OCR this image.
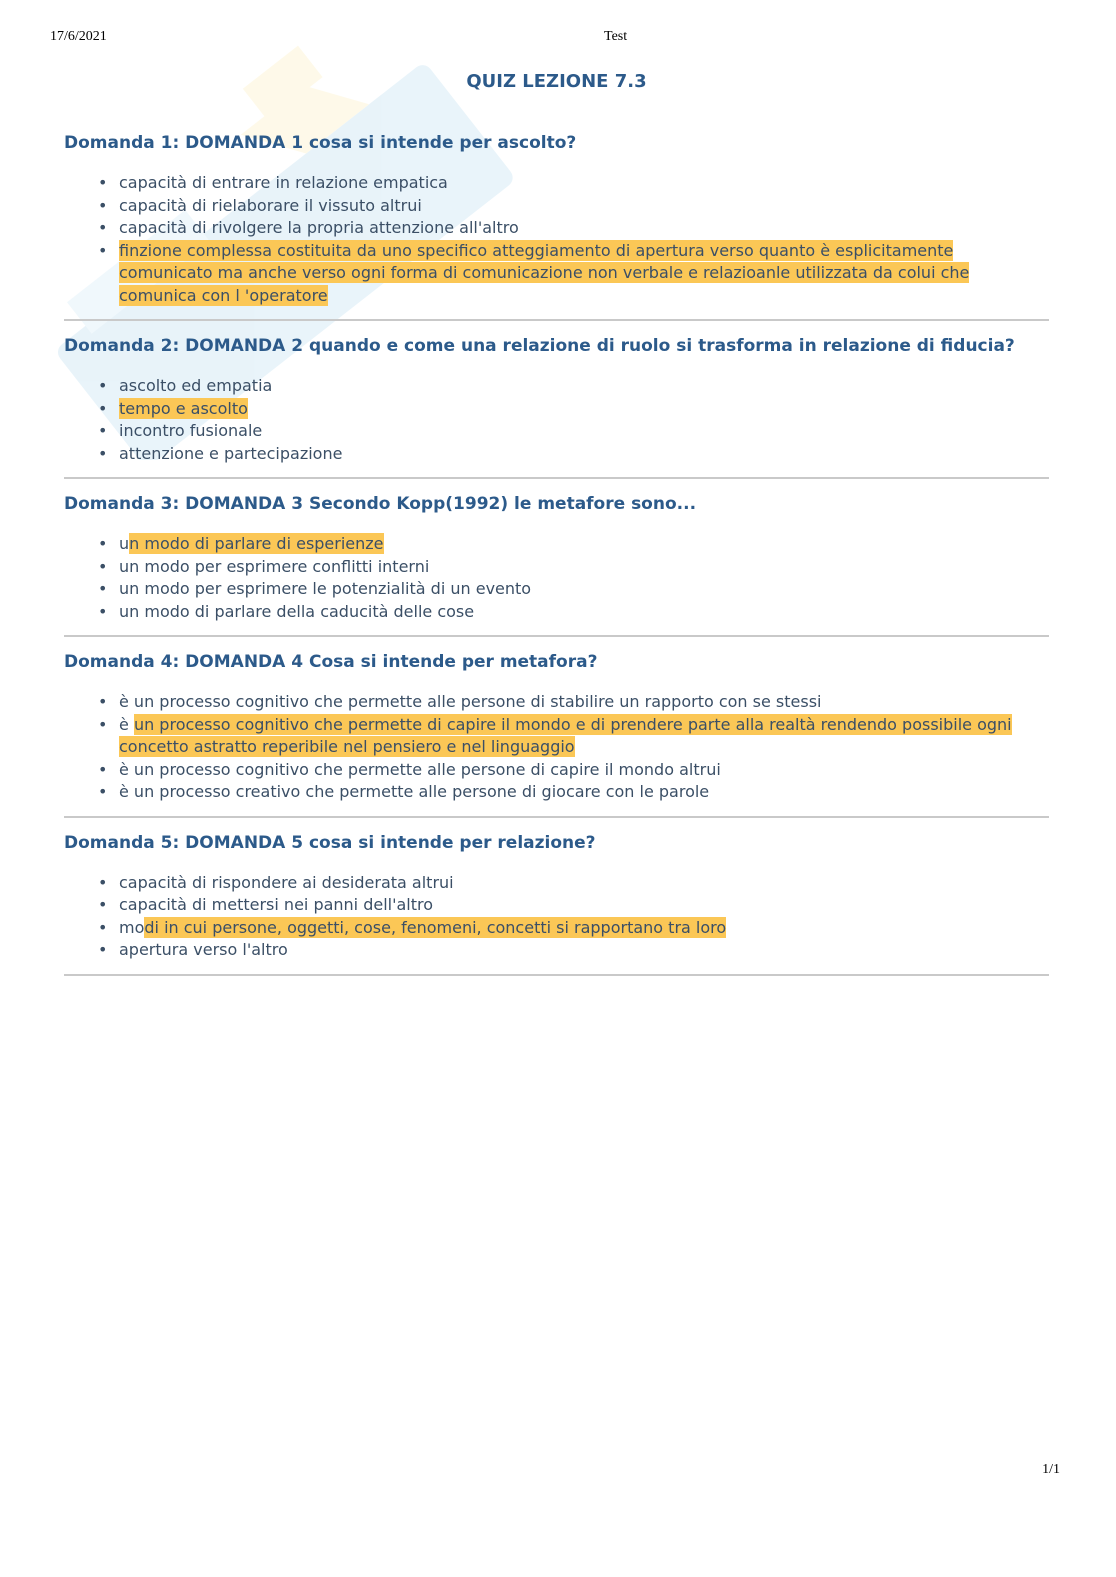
17/6/2021	Test
QUIZ LEZIONE 7.3
Domanda 1: DOMANDA 1 cosa si intende per ascolto?
• capacità di entrare in relazione empatica
• capacità di rielaborare il vissuto altrui
• capacità di rivolgere la propria attenzione all'altro
• finzione complessa costituita da uno specifico atteggiamento di apertura verso quanto è esplicitamente comunicato ma anche verso ogni forma di comunicazione non verbale e relazioanle utilizzata da colui che comunica con l 'operatore
Domanda 2: DOMANDA 2 quando e come una relazione di ruolo si trasforma in relazione di fiducia?
• ascolto ed empatia
• tempo e ascolto
• incontro fusionale
• attenzione e partecipazione
Domanda 3: DOMANDA 3 Secondo Kopp(1992) le metafore sono...
• un modo di parlare di esperienze
• un modo per esprimere conflitti interni
• un modo per esprimere le potenzialità di un evento
• un modo di parlare della caducità delle cose
Domanda 4: DOMANDA 4 Cosa si intende per metafora?
• è un processo cognitivo che permette alle persone di stabilire un rapporto con se stessi
• è un processo cognitivo che permette di capire il mondo e di prendere parte alla realtà rendendo possibile ogni concetto astratto reperibile nel pensiero e nel linguaggio
• è un processo cognitivo che permette alle persone di capire il mondo altrui
• è un processo creativo che permette alle persone di giocare con le parole
Domanda 5: DOMANDA 5 cosa si intende per relazione?
• capacità di rispondere ai desiderata altrui
• capacità di mettersi nei panni dell'altro
• modi in cui persone, oggetti, cose, fenomeni, concetti si rapportano tra loro
• apertura verso l'altro
1/1
